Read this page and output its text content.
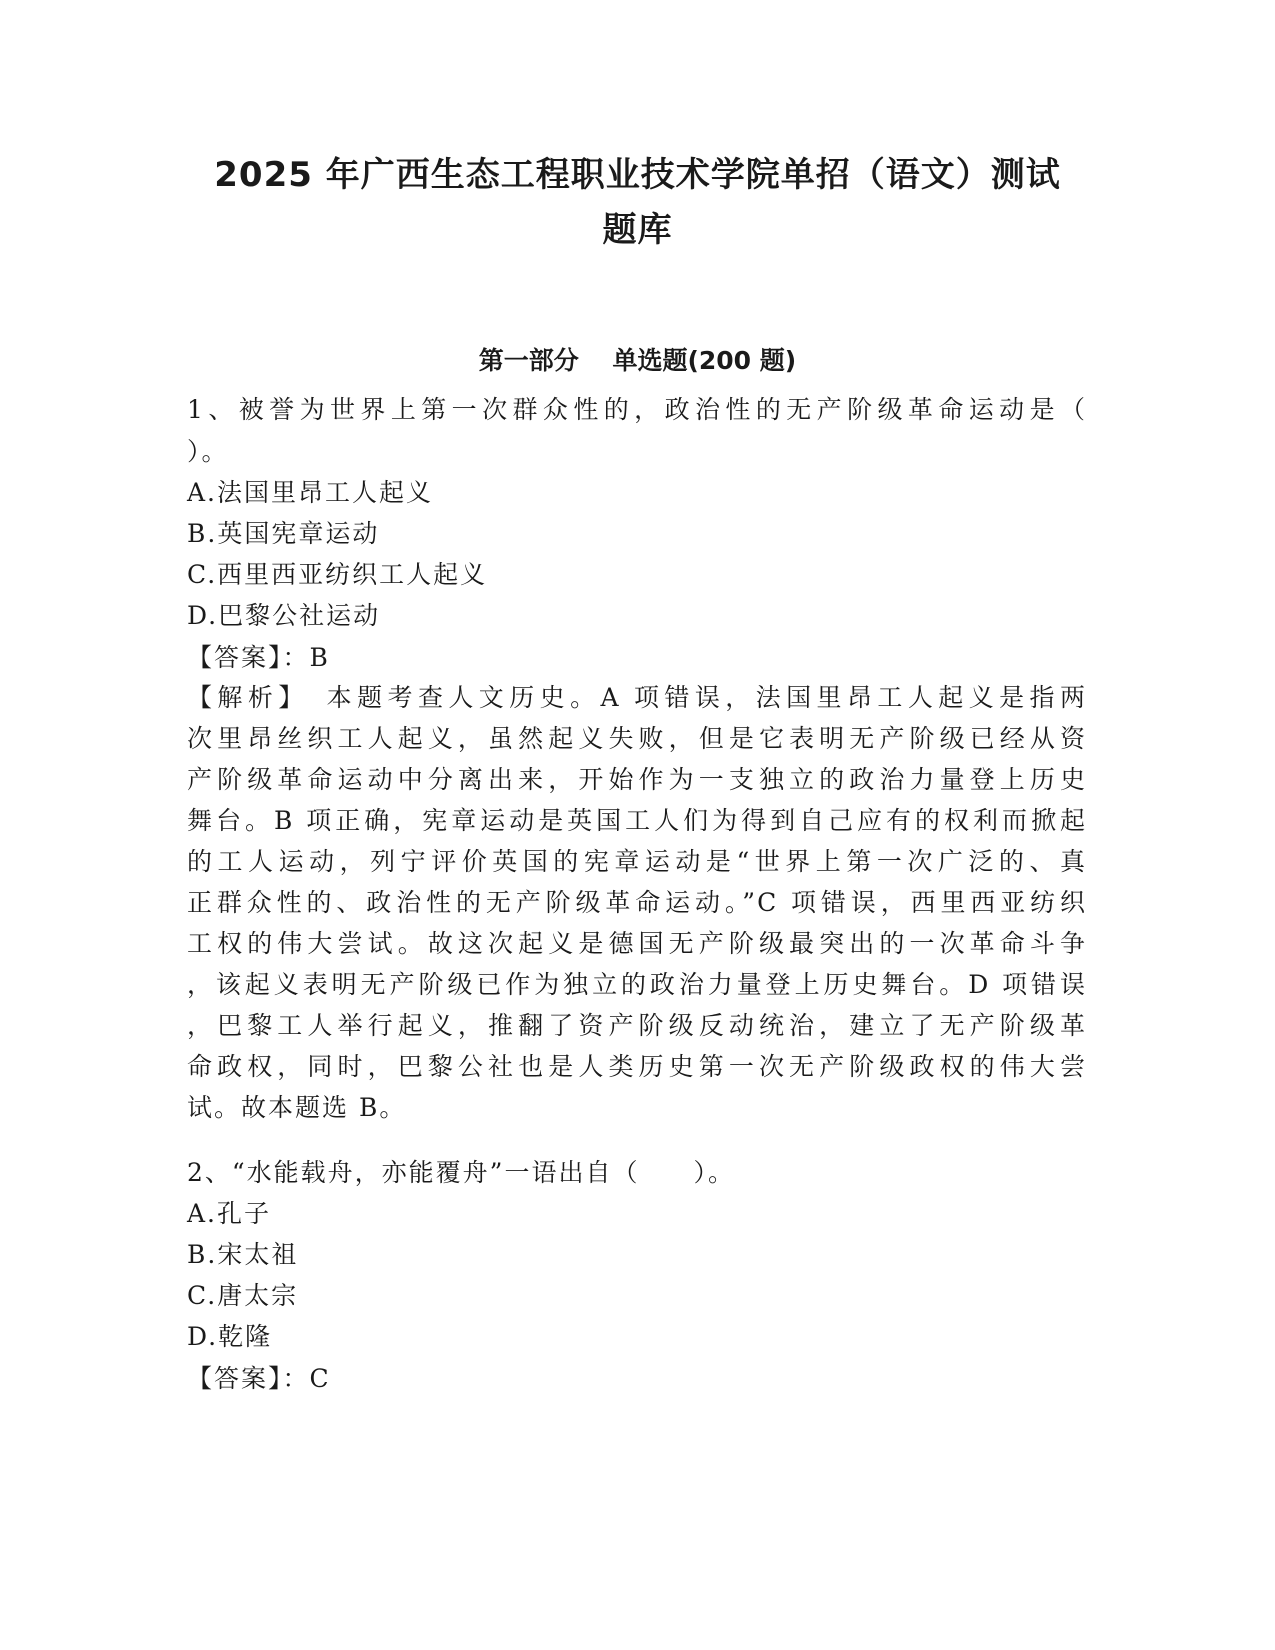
2025 年广西生态工程职业技术学院单招（语文）测试
题库
第一部分　 单选题(200 题)
1、被誉为世界上第一次群众性的，政治性的无产阶级革命运动是（
）。
A.法国里昂工人起义
B.英国宪章运动
C.西里西亚纺织工人起义
D.巴黎公社运动
【答案】：B
【解析】　本题考查人文历史。A 项错误，法国里昂工人起义是指两
次里昂丝织工人起义，虽然起义失败，但是它表明无产阶级已经从资
产阶级革命运动中分离出来，开始作为一支独立的政治力量登上历史
舞台。B 项正确，宪章运动是英国工人们为得到自己应有的权利而掀起
的工人运动，列宁评价英国的宪章运动是“世界上第一次广泛的、真
正群众性的、政治性的无产阶级革命运动。”C 项错误，西里西亚纺织
工权的伟大尝试。故这次起义是德国无产阶级最突出的一次革命斗争
，该起义表明无产阶级已作为独立的政治力量登上历史舞台。D 项错误
，巴黎工人举行起义，推翻了资产阶级反动统治，建立了无产阶级革
命政权，同时，巴黎公社也是人类历史第一次无产阶级政权的伟大尝
试。故本题选 B。
2、“水能载舟，亦能覆舟”一语出自（　　）。
A.孔子
B.宋太祖
C.唐太宗
D.乾隆
【答案】：C
